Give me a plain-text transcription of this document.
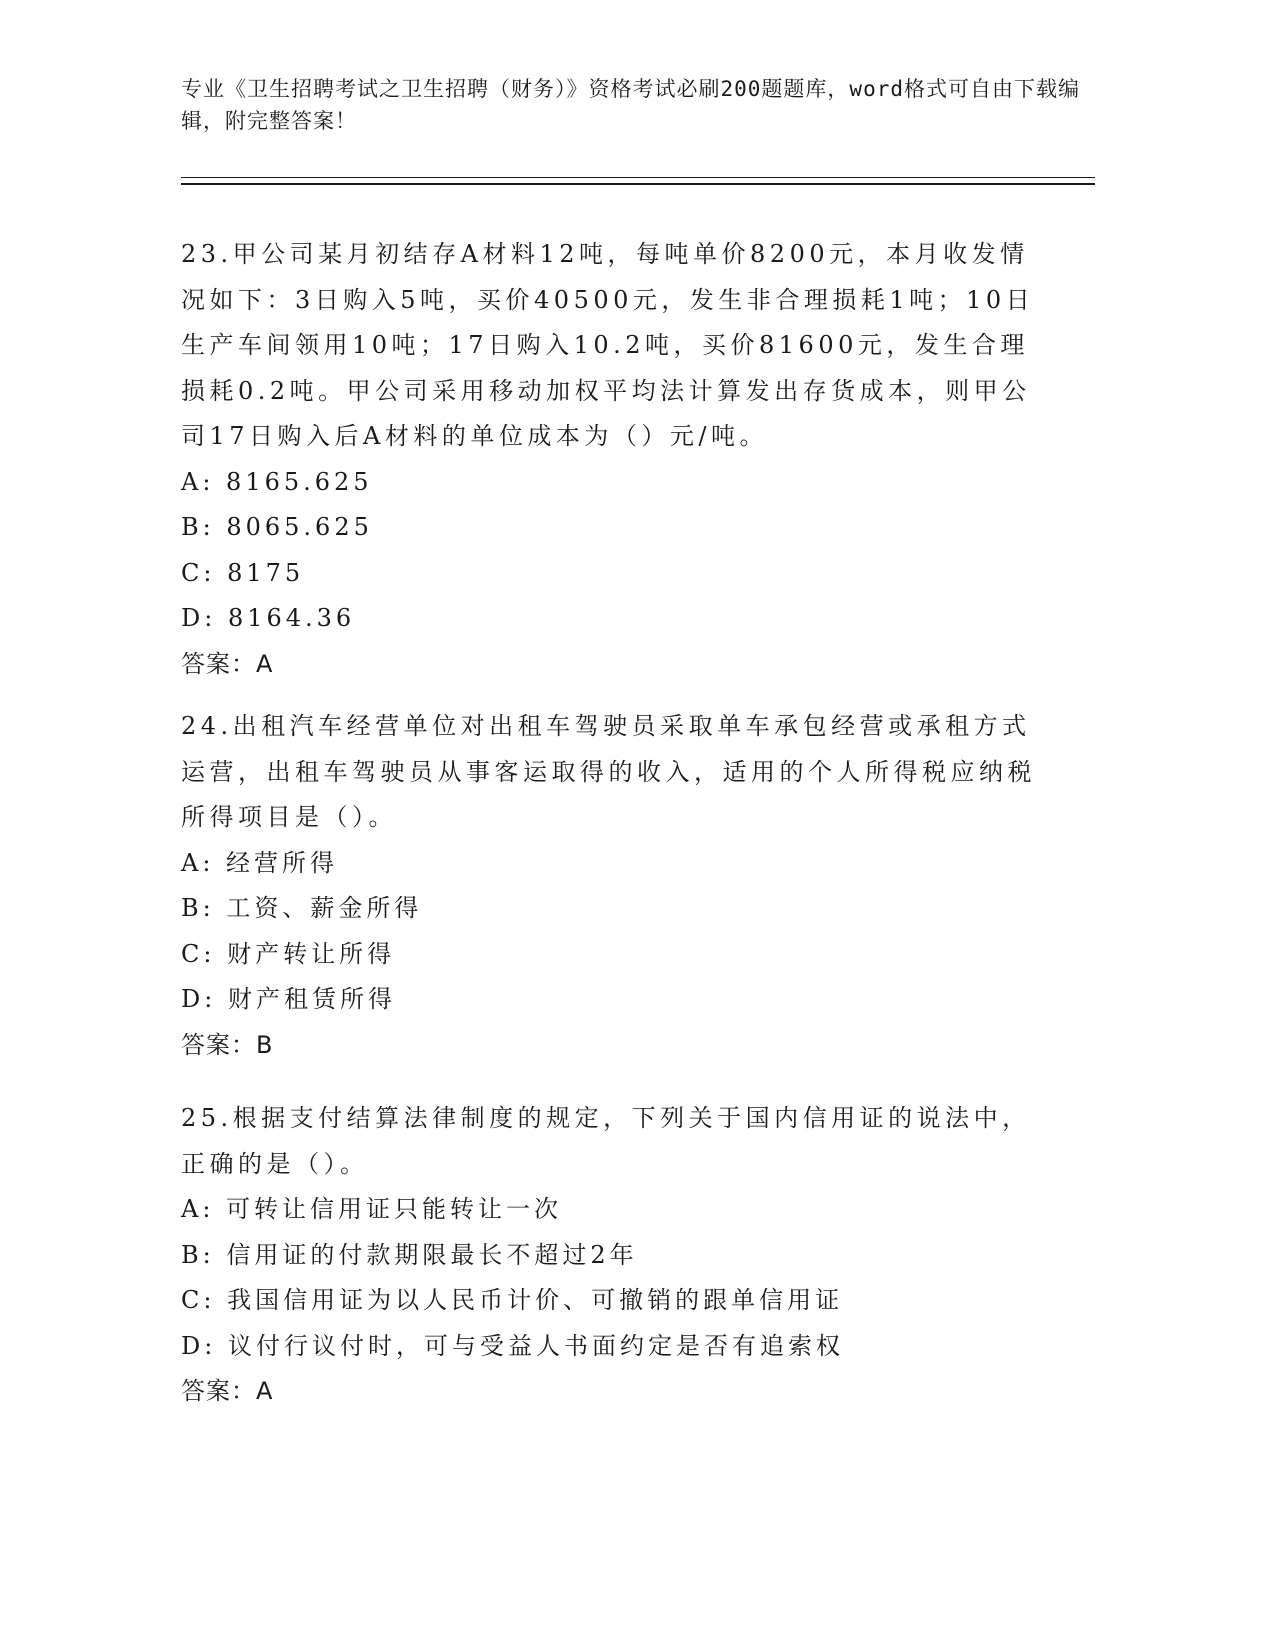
专业《卫生招聘考试之卫生招聘（财务）》资格考试必刷200题题库，word格式可自由下载编辑，附完整答案！

23.甲公司某月初结存A材料12吨，每吨单价8200元，本月收发情况如下：3日购入5吨，买价40500元，发生非合理损耗1吨；10日生产车间领用10吨；17日购入10.2吨，买价81600元，发生合理损耗0.2吨。甲公司采用移动加权平均法计算发出存货成本，则甲公司17日购入后A材料的单位成本为（）元/吨。

A: 8165.625

B: 8065.625

C: 8175

D: 8164.36

答案：A

24.出租汽车经营单位对出租车驾驶员采取单车承包经营或承租方式运营，出租车驾驶员从事客运取得的收入，适用的个人所得税应纳税所得项目是（）。

A: 经营所得

B: 工资、薪金所得

C: 财产转让所得

D: 财产租赁所得

答案：B

25.根据支付结算法律制度的规定，下列关于国内信用证的说法中，正确的是（）。

A: 可转让信用证只能转让一次

B: 信用证的付款期限最长不超过2年

C: 我国信用证为以人民币计价、可撤销的跟单信用证

D: 议付行议付时，可与受益人书面约定是否有追索权

答案：A
